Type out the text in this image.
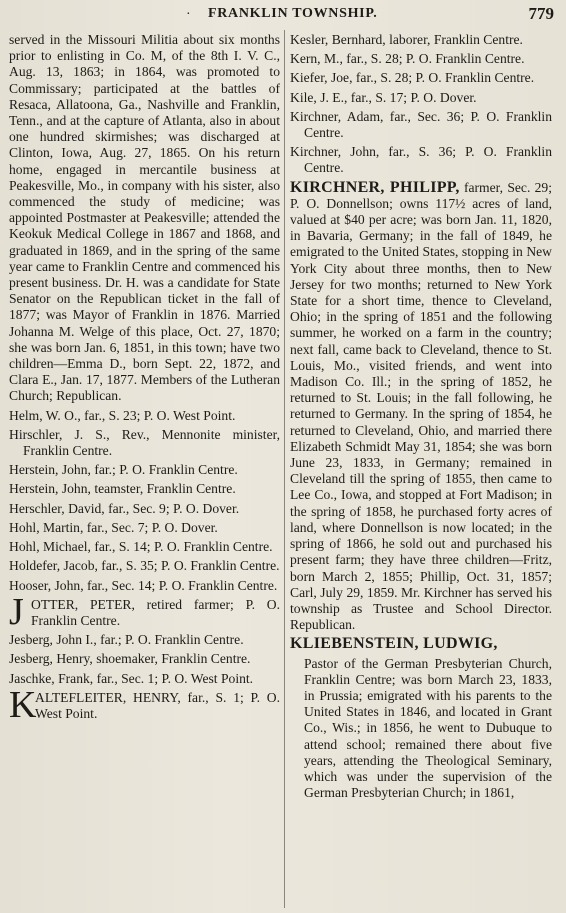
· FRANKLIN TOWNSHIP.	779

served in the Missouri Militia about six months prior to enlisting in Co. M, of the 8th I. V. C., Aug. 13, 1863; in 1864, was promoted to Commissary; participated at the battles of Resaca, Allatoona, Ga., Nashville and Franklin, Tenn., and at the capture of Atlanta, also in about one hundred skirmishes; was discharged at Clinton, Iowa, Aug. 27, 1865. On his return home, engaged in mercantile business at Peakesville, Mo., in company with his sister, also commenced the study of medicine; was appointed Postmaster at Peakesville; attended the Keokuk Medical College in 1867 and 1868, and graduated in 1869, and in the spring of the same year came to Franklin Centre and commenced his present business. Dr. H. was a candidate for State Senator on the Republican ticket in the fall of 1877; was Mayor of Franklin in 1876. Married Johanna M. Welge of this place, Oct. 27, 1870; she was born Jan. 6, 1851, in this town; have two children—Emma D., born Sept. 22, 1872, and Clara E., Jan. 17, 1877. Members of the Lutheran Church; Republican.

Helm, W. O., far., S. 23; P. O. West Point.

Hirschler, J. S., Rev., Mennonite minister, Franklin Centre.

Herstein, John, far.; P. O. Franklin Centre.

Herstein, John, teamster, Franklin Centre.

Herschler, David, far., Sec. 9; P. O. Dover.

Hohl, Martin, far., Sec. 7; P. O. Dover.

Hohl, Michael, far., S. 14; P. O. Franklin Centre.

Holdefer, Jacob, far., S. 35; P. O. Franklin Centre.

Hooser, John, far., Sec. 14; P. O. Franklin Centre.

J OTTER, PETER, retired farmer; P. O. Franklin Centre.

Jesberg, John I., far.; P. O. Franklin Centre.

Jesberg, Henry, shoemaker, Franklin Centre.

Jaschke, Frank, far., Sec. 1; P. O. West Point.

K
ALTEFLEITER, HENRY, far., S. 1; P. O. West Point.

Kesler, Bernhard, laborer, Franklin Centre.

Kern, M., far., S. 28; P. O. Franklin Centre.

Kiefer, Joe, far., S. 28; P. O. Franklin Centre.

Kile, J. E., far., S. 17; P. O. Dover.

Kirchner, Adam, far., Sec. 36; P. O. Franklin Centre.

Kirchner, John, far., S. 36; P. O. Franklin Centre.

KIRCHNER, PHILIPP, farmer, Sec. 29; P. O. Donnellson; owns 117½ acres of land, valued at $40 per acre; was born Jan. 11, 1820, in Bavaria, Germany; in the fall of 1849, he emigrated to the United States, stopping in New York City about three months, then to New Jersey for two months; returned to New York State for a short time, thence to Cleveland, Ohio; in the spring of 1851 and the following summer, he worked on a farm in the country; next fall, came back to Cleveland, thence to St. Louis, Mo., visited friends, and went into Madison Co. Ill.; in the spring of 1852, he returned to St. Louis; in the fall following, he returned to Germany. In the spring of 1854, he returned to Cleveland, Ohio, and married there Elizabeth Schmidt May 31, 1854; she was born June 23, 1833, in Germany; remained in Cleveland till the spring of 1855, then came to Lee Co., Iowa, and stopped at Fort Madison; in the spring of 1858, he purchased forty acres of land, where Donnellson is now located; in the spring of 1866, he sold out and purchased his present farm; they have three children—Fritz, born March 2, 1855; Phillip, Oct. 31, 1857; Carl, July 29, 1859. Mr. Kirchner has served his township as Trustee and School Director. Republican.

KLIEBENSTEIN, LUDWIG,

Pastor of the German Presbyterian Church, Franklin Centre; was born March 23, 1833, in Prussia; emigrated with his parents to the United States in 1846, and located in Grant Co., Wis.; in 1856, he went to Dubuque to attend school; remained there about five years, attending the Theological Seminary, which was under the supervision of the German Presbyterian Church; in 1861,
